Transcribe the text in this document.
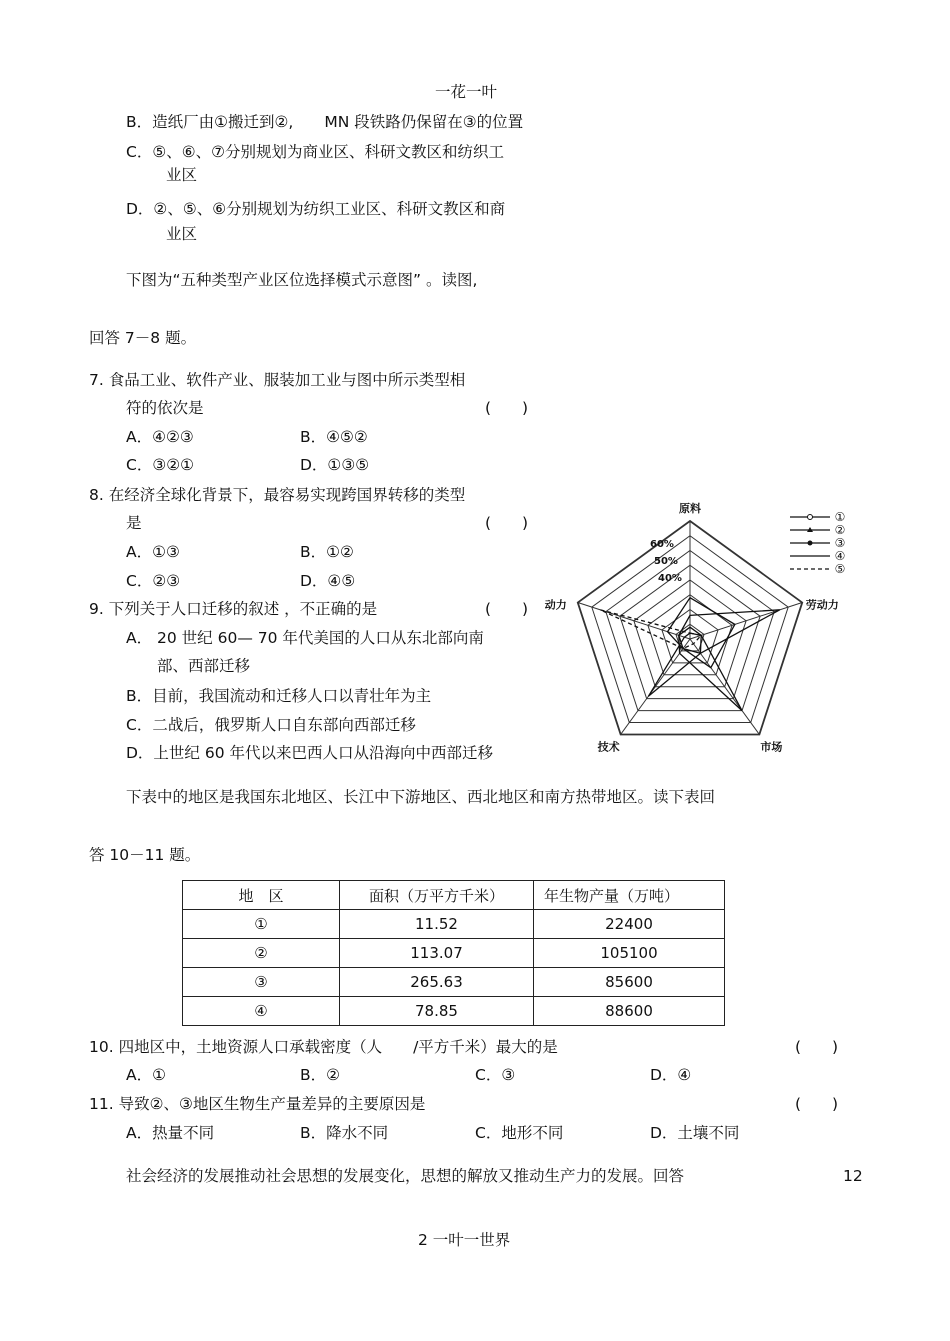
一花一叶
B．造纸厂由①搬迁到②,　　MN 段铁路仍保留在③的位置
C．⑤、⑥、⑦分别规划为商业区、科研文教区和纺织工
业区
D．②、⑤、⑥分别规划为纺织工业区、科研文教区和商
业区
下图为“五种类型产业区位选择模式示意图” 。读图,
回答 7－8 题。
7. 食品工业、软件产业、服装加工业与图中所示类型相
符的依次是	(　　)
A．④②③	B．④⑤②
C．③②①	D．①③⑤
8. 在经济全球化背景下，最容易实现跨国界转移的类型
是	(　　)
A．①③	B．①②
C．②③	D．④⑤
9. 下列关于人口迁移的叙述 ，不正确的是	(　　)
A． 20 世纪 60— 70 年代美国的人口从东北部向南
部、西部迁移
B．目前，我国流动和迁移人口以青壮年为主
C．二战后，俄罗斯人口自东部向西部迁移
D．上世纪 60 年代以来巴西人口从沿海向中西部迁移
原料
劳动力
市场
技术
动力
60%
50%
40%
①
②
③
④
⑤
下表中的地区是我国东北地区、长江中下游地区、西北地区和南方热带地区。读下表回
答 10－11 题。
地　区	面积（万平方千米）	年生物产量（万吨）
①	11.52	22400
②	113.07	105100
③	265.63	85600
④	78.85	88600
10. 四地区中，土地资源人口承载密度（人　　/平方千米）最大的是	(　　)
A．①	B．②	C．③	D．④
11. 导致②、③地区生物生产量差异的主要原因是	(　　)
A．热量不同	B．降水不同	C．地形不同	D．土壤不同
社会经济的发展推动社会思想的发展变化，思想的解放又推动生产力的发展。回答	12
2 一叶一世界
